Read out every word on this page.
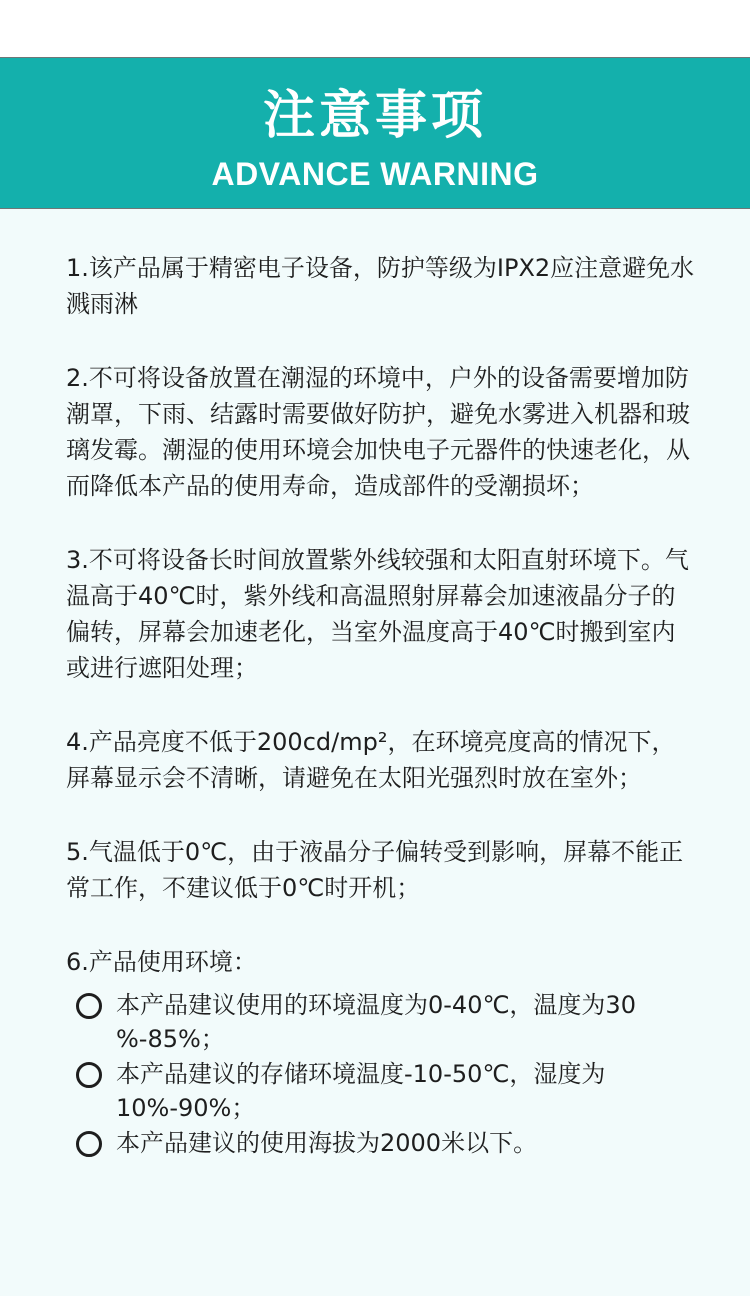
注意事项
ADVANCE WARNING

1.该产品属于精密电子设备，防护等级为IPX2应注意避免水溅雨淋

2.不可将设备放置在潮湿的环境中，户外的设备需要增加防潮罩，下雨、结露时需要做好防护，避免水雾进入机器和玻璃发霉。潮湿的使用环境会加快电子元器件的快速老化，从而降低本产品的使用寿命，造成部件的受潮损坏；

3.不可将设备长时间放置紫外线较强和太阳直射环境下。气温高于40℃时，紫外线和高温照射屏幕会加速液晶分子的偏转，屏幕会加速老化，当室外温度高于40℃时搬到室内或进行遮阳处理；

4.产品亮度不低于200cd/mp²，在环境亮度高的情况下，屏幕显示会不清晰，请避免在太阳光强烈时放在室外；

5.气温低于0℃，由于液晶分子偏转受到影响，屏幕不能正常工作，不建议低于0℃时开机；

6.产品使用环境：

本产品建议使用的环境温度为0-40℃，温度为30 %-85%；
本产品建议的存储环境温度-10-50℃，湿度为10%-90%；
本产品建议的使用海拔为2000米以下。
